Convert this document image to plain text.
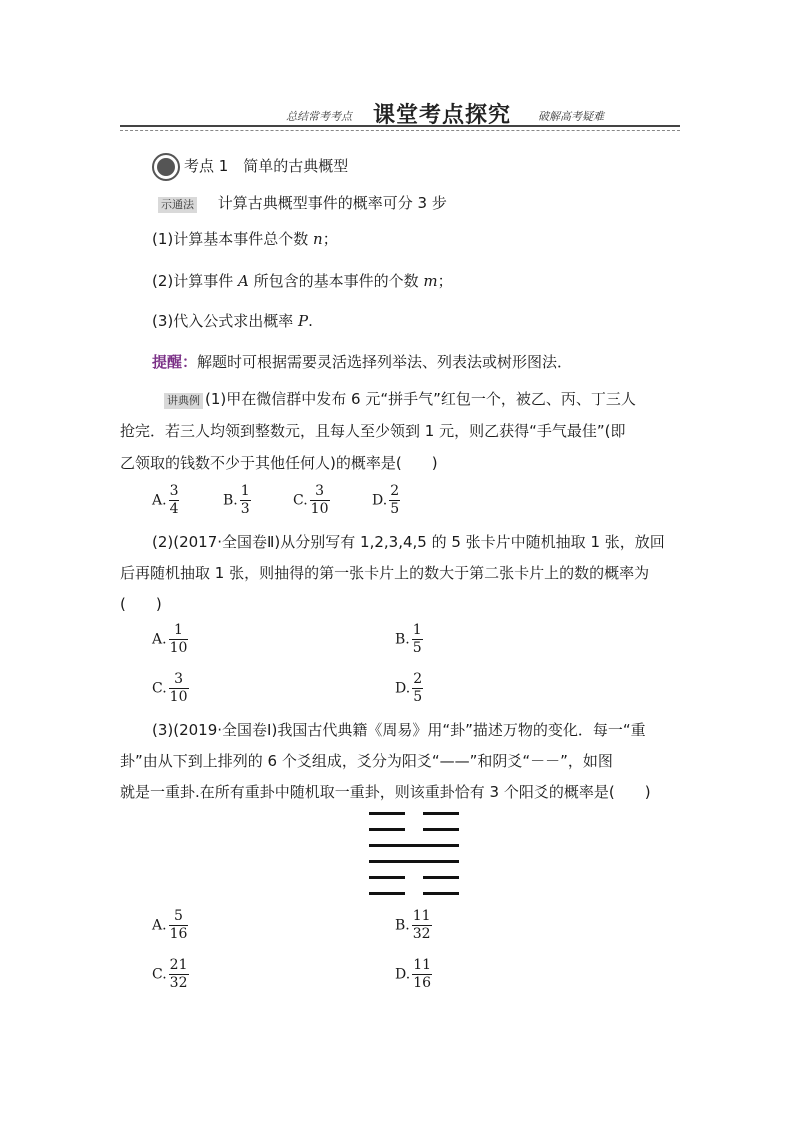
总结常考考点 课堂考点探究 破解高考疑难
考点 1　简单的古典概型
示通法 计算古典概型事件的概率可分 3 步
(1)计算基本事件总个数 n；
(2)计算事件 A 所包含的基本事件的个数 m；
(3)代入公式求出概率 P.
提醒：解题时可根据需要灵活选择列举法、列表法或树形图法．
讲典例 (1)甲在微信群中发布 6 元“拼手气”红包一个，被乙、丙、丁三人
抢完．若三人均领到整数元，且每人至少领到 1 元，则乙获得“手气最佳”(即
乙领取的钱数不少于其他任何人)的概率是(　　)
A. $\frac{3}{4}$	B. $\frac{1}{3}$	C. $\frac{3}{10}$	D. $\frac{2}{5}$
(2)(2017·全国卷Ⅱ)从分别写有 1,2,3,4,5 的 5 张卡片中随机抽取 1 张，放回
后再随机抽取 1 张，则抽得的第一张卡片上的数大于第二张卡片上的数的概率为
(　　)
A. $\frac{1}{10}$	B. $\frac{1}{5}$
C. $\frac{3}{10}$	D. $\frac{2}{5}$
(3)(2019·全国卷Ⅰ)我国古代典籍《周易》用“卦”描述万物的变化．每一“重
卦”由从下到上排列的 6 个爻组成，爻分为阳爻“——”和阴爻“－－”，如图
就是一重卦.在所有重卦中随机取一重卦，则该重卦恰有 3 个阳爻的概率是(　　)
A. $\frac{5}{16}$	B. $\frac{11}{32}$
C. $\frac{21}{32}$	D. $\frac{11}{16}$
